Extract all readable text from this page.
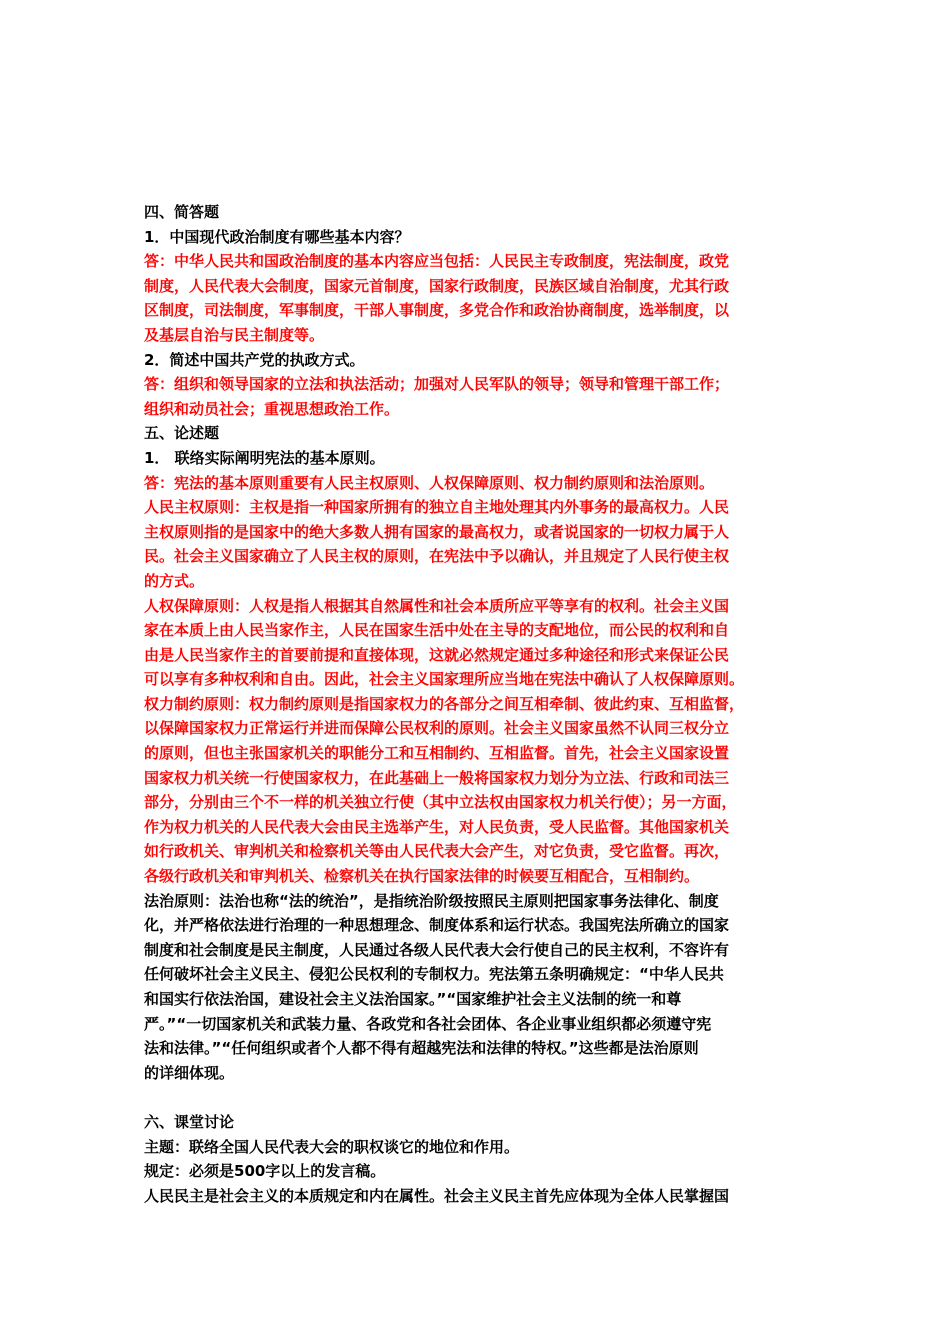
四、简答题
1．中国现代政治制度有哪些基本内容？
答：中华人民共和国政治制度的基本内容应当包括：人民民主专政制度，宪法制度，政党
制度，人民代表大会制度，国家元首制度，国家行政制度，民族区域自治制度，尤其行政
区制度，司法制度，军事制度，干部人事制度，多党合作和政治协商制度，选举制度，以
及基层自治与民主制度等。
2．简述中国共产党的执政方式。
答：组织和领导国家的立法和执法活动；加强对人民军队的领导；领导和管理干部工作；
组织和动员社会；重视思想政治工作。
五、论述题
1． 联络实际阐明宪法的基本原则。
答：宪法的基本原则重要有人民主权原则、人权保障原则、权力制约原则和法治原则。
人民主权原则：主权是指一种国家所拥有的独立自主地处理其内外事务的最高权力。人民
主权原则指的是国家中的绝大多数人拥有国家的最高权力，或者说国家的一切权力属于人
民。社会主义国家确立了人民主权的原则，在宪法中予以确认，并且规定了人民行使主权
的方式。
人权保障原则：人权是指人根据其自然属性和社会本质所应平等享有的权利。社会主义国
家在本质上由人民当家作主，人民在国家生活中处在主导的支配地位，而公民的权利和自
由是人民当家作主的首要前提和直接体现，这就必然规定通过多种途径和形式来保证公民
可以享有多种权利和自由。因此，社会主义国家理所应当地在宪法中确认了人权保障原则。
权力制约原则：权力制约原则是指国家权力的各部分之间互相牵制、彼此约束、互相监督，
以保障国家权力正常运行并进而保障公民权利的原则。社会主义国家虽然不认同三权分立
的原则，但也主张国家机关的职能分工和互相制约、互相监督。首先，社会主义国家设置
国家权力机关统一行使国家权力，在此基础上一般将国家权力划分为立法、行政和司法三
部分，分别由三个不一样的机关独立行使（其中立法权由国家权力机关行使）；另一方面，
作为权力机关的人民代表大会由民主选举产生，对人民负责，受人民监督。其他国家机关
如行政机关、审判机关和检察机关等由人民代表大会产生，对它负责，受它监督。再次，
各级行政机关和审判机关、检察机关在执行国家法律的时候要互相配合，互相制约。
法治原则：法治也称“法的统治”，是指统治阶级按照民主原则把国家事务法律化、制度
化，并严格依法进行治理的一种思想理念、制度体系和运行状态。我国宪法所确立的国家
制度和社会制度是民主制度，人民通过各级人民代表大会行使自己的民主权利，不容许有
任何破坏社会主义民主、侵犯公民权利的专制权力。宪法第五条明确规定：“中华人民共
和国实行依法治国，建设社会主义法治国家。”“国家维护社会主义法制的统一和尊
严。”“一切国家机关和武装力量、各政党和各社会团体、各企业事业组织都必须遵守宪
法和法律。”“任何组织或者个人都不得有超越宪法和法律的特权。”这些都是法治原则
的详细体现。
六、课堂讨论
主题：联络全国人民代表大会的职权谈它的地位和作用。
规定：必须是500字以上的发言稿。
人民民主是社会主义的本质规定和内在属性。社会主义民主首先应体现为全体人民掌握国
